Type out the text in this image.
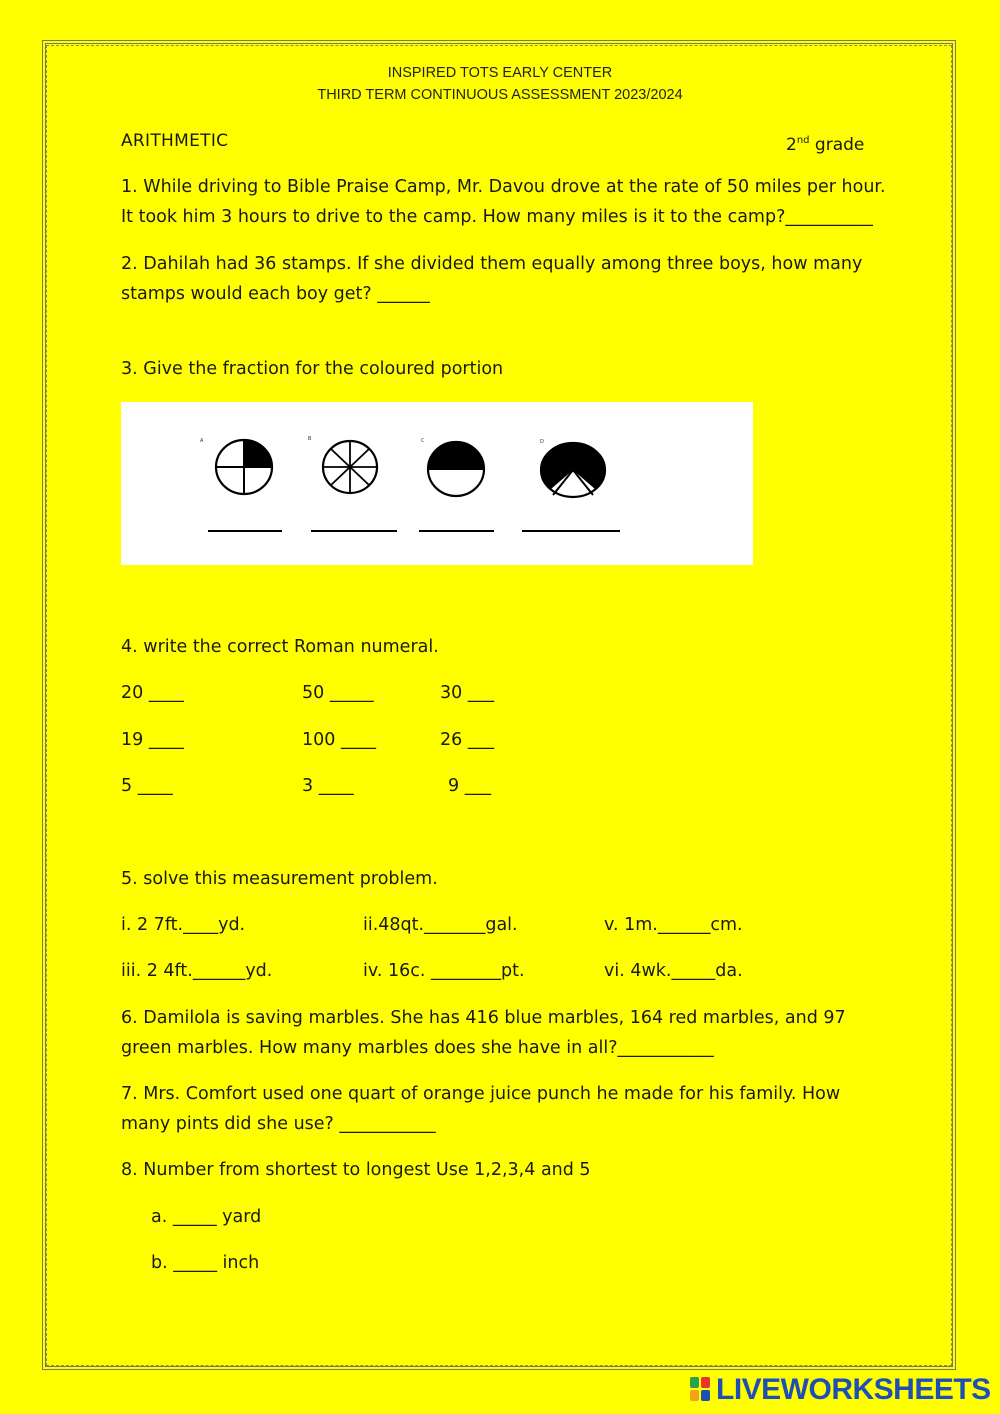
INSPIRED TOTS EARLY CENTER
THIRD TERM CONTINUOUS ASSESSMENT 2023/2024
ARITHMETIC	2nd grade
1. While driving to Bible Praise Camp, Mr. Davou drove at the rate of 50 miles per hour. It took him 3 hours to drive to the camp. How many miles is it to the camp?__________
2. Dahilah had 36 stamps. If she divided them equally among three boys, how many stamps would each boy get? ______
3. Give the fraction for the coloured portion
A	B	C	D
4. write the correct Roman numeral.
20 ____	50 _____	30 ___
19 ____	100 ____	26 ___
5 ____	3 ____	9 ___
5. solve this measurement problem.
i. 2 7ft.____yd.	ii.48qt._______gal.	v. 1m.______cm.
iii. 2 4ft.______yd.	iv. 16c. ________pt.	vi. 4wk._____da.
6. Damilola is saving marbles. She has 416 blue marbles, 164 red marbles, and 97 green marbles. How many marbles does she have in all?___________
7. Mrs. Comfort used one quart of orange juice punch he made for his family. How many pints did she use? ___________
8. Number from shortest to longest Use 1,2,3,4 and 5
a. _____ yard
b. _____ inch
LIVEWORKSHEETS
